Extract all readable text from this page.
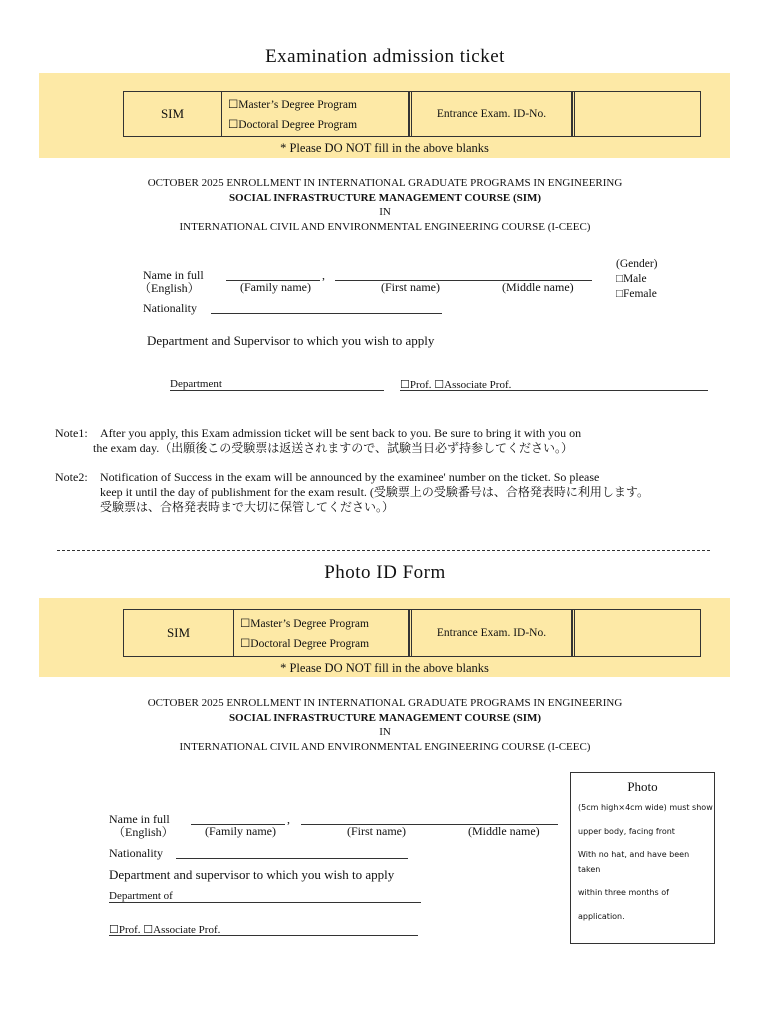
Examination admission ticket
SIM
☐Master’s Degree Program
☐Doctoral Degree Program
Entrance Exam. ID-No.
* Please DO NOT fill in the above blanks
OCTOBER 2025 ENROLLMENT IN INTERNATIONAL GRADUATE PROGRAMS IN ENGINEERING
SOCIAL INFRASTRUCTURE MANAGEMENT COURSE (SIM)
IN
INTERNATIONAL CIVIL AND ENVIRONMENTAL ENGINEERING COURSE (I-CEEC)
Name in full
（English）
,
(Family name)	(First name)	(Middle name)
(Gender)
□Male
□Female
Nationality
Department and Supervisor to which you wish to apply
Department	☐Prof. ☐Associate Prof.
Note1: After you apply, this Exam admission ticket will be sent back to you. Be sure to bring it with you on
the exam day.（出願後この受験票は返送されますので、試験当日必ず持参してください。）
Note2: Notification of Success in the exam will be announced by the examinee' number on the ticket. So please
keep it until the day of publishment for the exam result. (受験票上の受験番号は、合格発表時に利用します。
受験票は、合格発表時まで大切に保管してください。）
Photo ID Form
SIM
☐Master’s Degree Program
☐Doctoral Degree Program
Entrance Exam. ID-No.
* Please DO NOT fill in the above blanks
OCTOBER 2025 ENROLLMENT IN INTERNATIONAL GRADUATE PROGRAMS IN ENGINEERING
SOCIAL INFRASTRUCTURE MANAGEMENT COURSE (SIM)
IN
INTERNATIONAL CIVIL AND ENVIRONMENTAL ENGINEERING COURSE (I-CEEC)
Name in full
（English）
,
(Family name)	(First name)	(Middle name)
Nationality
Department and supervisor to which you wish to apply
Department of
☐Prof. ☐Associate Prof.
Photo
(5cm high×4cm wide) must show
upper body, facing front
With no hat, and have been taken
within three months of
application.
